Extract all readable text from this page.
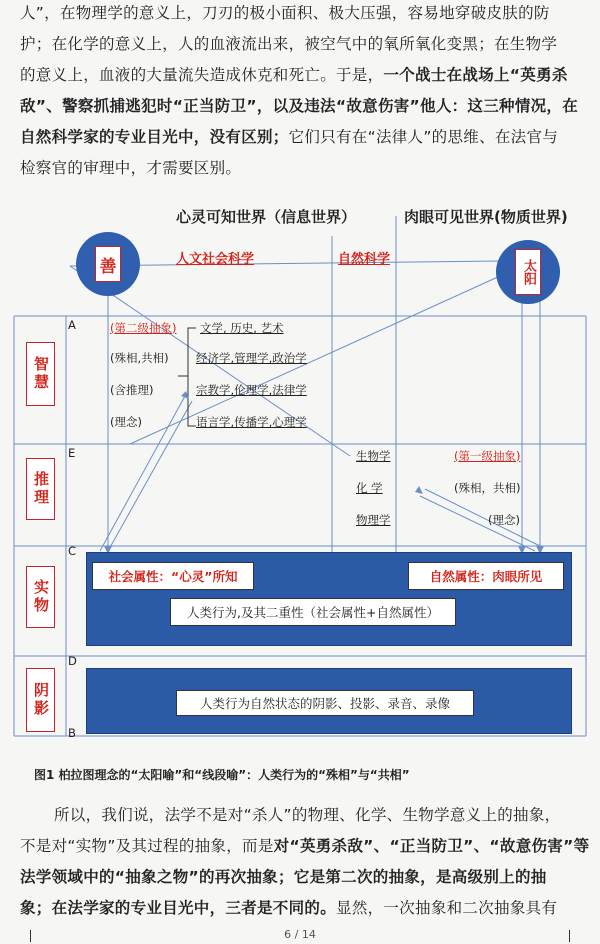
人”，在物理学的意义上，刀刃的极小面积、极大压强，容易地穿破皮肤的防
护；在化学的意义上，人的血液流出来，被空气中的氧所氧化变黑；在生物学
的意义上，血液的大量流失造成休克和死亡。于是，一个战士在战场上“英勇杀
敌”、警察抓捕逃犯时“正当防卫”，以及违法“故意伤害”他人：这三种情况，在
自然科学家的专业目光中，没有区别；它们只有在“法律人”的思维、在法官与
检察官的审理中，才需要区别。
心灵可知世界（信息世界）	肉眼可见世界(物质世界)
人文社会科学	自然科学
善	太阳
智慧
推理
实物
阴影
A
E
C
D
B
(第二级抽象)
(殊相,共相)
(含推理)
(理念)
文学, 历史, 艺术
经济学,管理学,政治学
宗教学,伦理学,法律学
语言学,传播学,心理学
生物学
化 学
物理学
(第一级抽象)
(殊相，共相)
(理念)
社会属性：“心灵”所知	自然属性：肉眼所见
人类行为,及其二重性（社会属性+自然属性）
人类行为自然状态的阴影、投影、录音、录像
图1 柏拉图理念的“太阳喻”和“线段喻”：人类行为的“殊相”与“共相”
所以，我们说，法学不是对“杀人”的物理、化学、生物学意义上的抽象，
不是对“实物”及其过程的抽象，而是对“英勇杀敌”、“正当防卫”、“故意伤害”等
法学领域中的“抽象之物”的再次抽象；它是第二次的抽象，是高级别上的抽
象；在法学家的专业目光中，三者是不同的。显然，一次抽象和二次抽象具有
6 / 14
